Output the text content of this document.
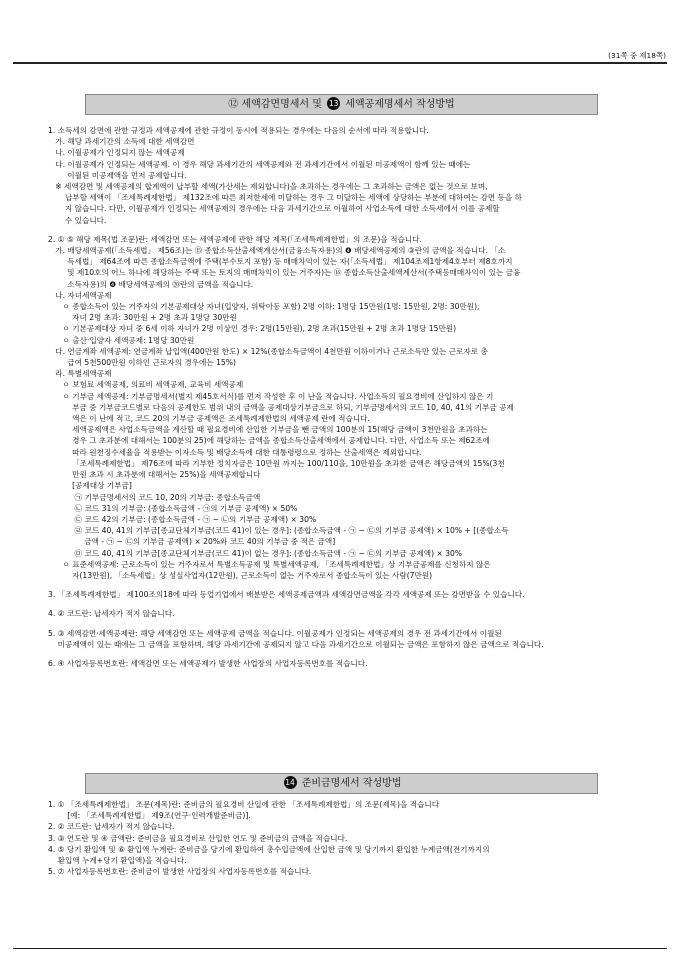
(31쪽 중 제18쪽)
⑫ 세액감면명세서 및 13 세액공제명세서 작성방법
1. 소득세의 감면에 관한 규정과 세액공제에 관한 규정이 동시에 적용되는 경우에는 다음의 순서에 따라 적용합니다.
가. 해당 과세기간의 소득에 대한 세액감면
나. 이월공제가 인정되지 않는 세액공제
다. 이월공제가 인정되는 세액공제. 이 경우 해당 과세기간의 세액공제와 전 과세기간에서 이월된 미공제액이 함께 있는 때에는
이월된 미공제액을 먼저 공제합니다.
※ 세액감면 및 세액공제의 합계액이 납부할 세액(가산세는 제외합니다)을 초과하는 경우에는 그 초과하는 금액은 없는 것으로 보며,
납부할 세액이 「조세특례제한법」 제132조에 따른 최저한세에 미달하는 경우 그 미달하는 세액에 상당하는 부분에 대하여는 감면 등을 하
지 않습니다. 다만, 이월공제가 인정되는 세액공제의 경우에는 다음 과세기간으로 이월하여 사업소득에 대한 소득세에서 이를 공제할
수 있습니다.
2. ① ⑤ 해당 제목(법 조문)란: 세액감면 또는 세액공제에 관한 해당 제목(「조세특례제한법」의 조문)을 적습니다.
가. 배당세액공제(「소득세법」 제56조)는 ⑮ 종합소득산출세액계산서(금융소득자용)의 ❹ 배당세액공제의 ③란의 금액을 적습니다. 「소
득세법」 제64조에 따른 종합소득금액에 주택(부수토지 포함) 등 매매차익이 있는 자(「소득세법」 제104조제1항제4호부터 제8호까지
및 제10호의 어느 하나에 해당하는 주택 또는 토지의 매매차익이 있는 거주자)는 ⑯ 종합소득산출세액계산서(주택등매매차익이 있는 금융
소득자용)의 ❹ 배당세액공제의 ⑳란의 금액을 적습니다.
나. 자녀세액공제
ㅇ 종합소득이 있는 거주자의 기본공제대상 자녀(입양자, 위탁아동 포함) 2명 이하: 1명당 15만원(1명: 15만원, 2명: 30만원),
자녀 2명 초과: 30만원 + 2명 초과 1명당 30만원
ㅇ 기본공제대상 자녀 중 6세 이하 자녀가 2명 이상인 경우: 2명(15만원), 2명 초과(15만원 + 2명 초과 1명당 15만원)
ㅇ 출산·입양자 세액공제: 1명당 30만원
다. 연금계좌 세액공제: 연금계좌 납입액(400만원 한도) × 12%(종합소득금액이 4천만원 이하이거나 근로소득만 있는 근로자로 총
급여 5천500만원 이하인 근로자의 경우에는 15%)
라. 특별세액공제
ㅇ 보험료 세액공제, 의료비 세액공제, 교육비 세액공제
ㅇ 기부금 세액공제: 기부금명세서(별지 제45호서식)를 먼저 작성한 후 이 난을 적습니다. 사업소득의 필요경비에 산입하지 않은 기
부금 중 기부금코드별로 다음의 공제한도 범위 내의 금액을 공제대상기부금으로 하되, 기부금명세서의 코드 10, 40, 41의 기부금 공제
액은 이 난에 적고, 코드 20의 기부금 공제액은 조세특례제한법의 세액공제 란에 적습니다.
세액공제액은 사업소득금액을 계산할 때 필요경비에 산입한 기부금을 뺀 금액의 100분의 15(해당 금액이 3천만원을 초과하는
경우 그 초과분에 대해서는 100분의 25)에 해당하는 금액을 종합소득산출세액에서 공제합니다. 다만, 사업소득 또는 제62조에
따라 원천징수세율을 적용받는 이자소득 및 배당소득에 대한 대통령령으로 정하는 산출세액은 제외합니다.
「조세특례제한법」 제76조에 따라 기부한 정치자금은 10만원 까지는 100/110을, 10만원을 초과한 금액은 해당금액의 15%(3천
만원 초과 시 초과분에 대해서는 25%)을 세액공제합니다
[공제대상 기부금]
㉠ 기부금명세서의 코드 10, 20의 기부금: 종합소득금액
㉡ 코드 31의 기부금: (종합소득금액 - ㉠의 기부금 공제액) × 50%
㉢ 코드 42의 기부금: (종합소득금액 - ㉠ ~ ㉡의 기부금 공제액) × 30%
㉣ 코드 40, 41의 기부금[종교단체기부금(코드 41)이 있는 경우]: (종합소득금액 - ㉠ ~ ㉢의 기부금 공제액) × 10% + [(종합소득
금액 - ㉠ ~ ㉢의 기부금 공제액) × 20%와 코드 40의 기부금 중 적은 금액]
㉤ 코드 40, 41의 기부금[종교단체기부금(코드 41)이 없는 경우]: (종합소득금액 - ㉠ ~ ㉢의 기부금 공제액) × 30%
ㅇ 표준세액공제: 근로소득이 있는 거주자로서 특별소득공제 및 특별세액공제, 「조세특례제한법」상 기부금공제를 신청하지 않은
자(13만원), 「소득세법」상 성실사업자(12만원), 근로소득이 없는 거주자로서 종합소득이 있는 사람(7만원)
3. 「조세특례제한법」 제100조의18에 따라 동업기업에서 배분받은 세액공제금액과 세액감면금액을 각각 세액공제 또는 감면받을 수 있습니다.
4. ② 코드란: 납세자가 적지 않습니다.
5. ③ 세액감면·세액공제란: 해당 세액감면 또는 세액공제 금액을 적습니다. 이월공제가 인정되는 세액공제의 경우 전 과세기간에서 이월된
미공제액이 있는 때에는 그 금액을 포함하며, 해당 과세기간에 공제되지 않고 다음 과세기간으로 이월되는 금액은 포함하지 않은 금액으로 적습니다.
6. ④ 사업자등록번호란: 세액감면 또는 세액공제가 발생한 사업장의 사업자등록번호를 적습니다.
14 준비금명세서 작성방법
1. ① 「조세특례제한법」 조문(제목)란: 준비금의 필요경비 산입에 관한 「조세특례제한법」의 조문(제목)을 적습니다
[예: 「조세특례제한법」 제9조(연구·인력개발준비금)].
2. ② 코드란: 납세자가 적지 않습니다.
3. ③ 연도란 및 ④ 금액란: 준비금을 필요경비로 산입한 연도 및 준비금의 금액을 적습니다.
4. ⑤ 당기 환입액 및 ⑥ 환입액 누계란: 준비금을 당기에 환입하여 총수입금액에 산입한 금액 및 당기까지 환입한 누계금액(전기까지의
환입액 누계+당기 환입액)을 적습니다.
5. ⑦ 사업자등록번호란: 준비금이 발생한 사업장의 사업자등록번호를 적습니다.
